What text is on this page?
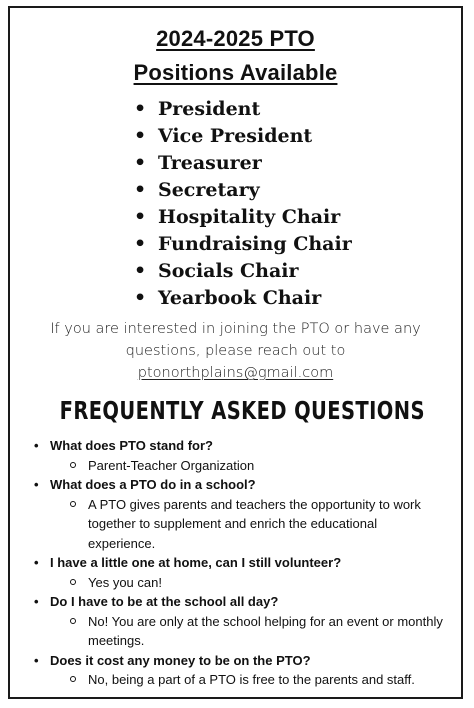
2024-2025 PTO
Positions Available
• President
• Vice President
• Treasurer
• Secretary
• Hospitality Chair
• Fundraising Chair
• Socials Chair
• Yearbook Chair
If you are interested in joining the PTO or have any
questions, please reach out to
ptonorthplains@gmail.com
FREQUENTLY ASKED QUESTIONS
• What does PTO stand for?
Parent-Teacher Organization
• What does a PTO do in a school?
A PTO gives parents and teachers the opportunity to work together to supplement and enrich the educational experience.
• I have a little one at home, can I still volunteer?
Yes you can!
• Do I have to be at the school all day?
No! You are only at the school helping for an event or monthly meetings.
• Does it cost any money to be on the PTO?
No, being a part of a PTO is free to the parents and staff.
